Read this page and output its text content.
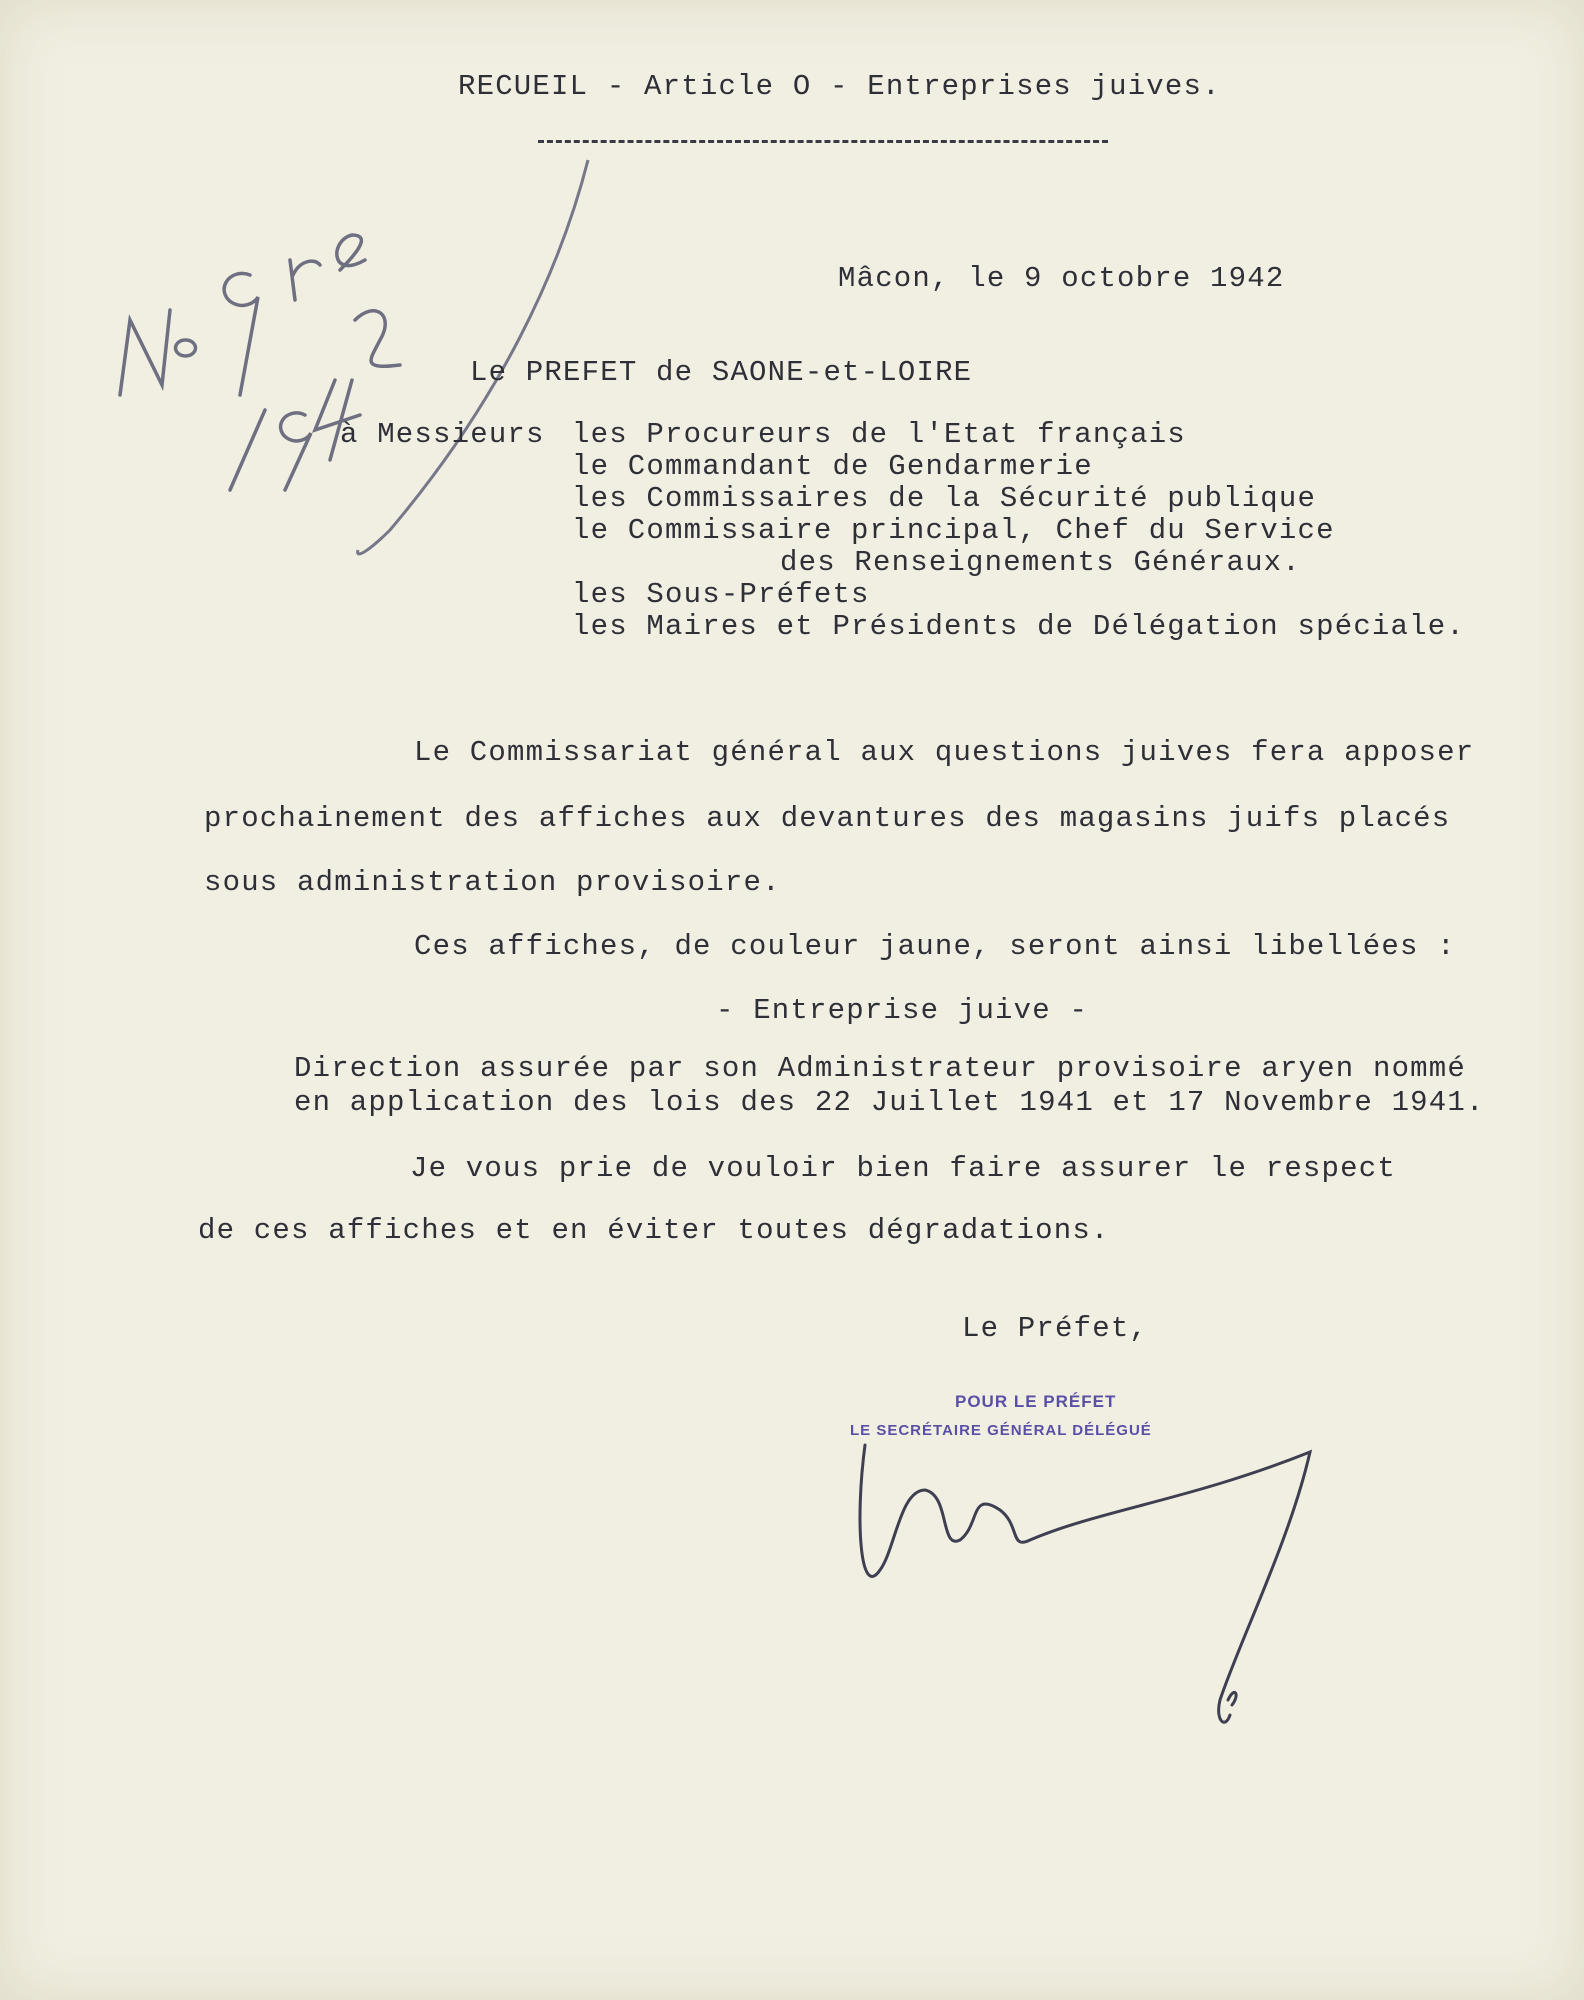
RECUEIL - Article O - Entreprises juives.
Mâcon, le 9 octobre 1942
Le PREFET de SAONE-et-LOIRE
à Messieurs les Procureurs de l'Etat français
le Commandant de Gendarmerie
les Commissaires de la Sécurité publique
le Commissaire principal, Chef du Service
des Renseignements Généraux.
les Sous-Préfets
les Maires et Présidents de Délégation spéciale.
Le Commissariat général aux questions juives fera apposer
prochainement des affiches aux devantures des magasins juifs placés
sous administration provisoire.
Ces affiches, de couleur jaune, seront ainsi libellées :
- Entreprise juive -
Direction assurée par son Administrateur provisoire aryen nommé
en application des lois des 22 Juillet 1941 et 17 Novembre 1941.
Je vous prie de vouloir bien faire assurer le respect
de ces affiches et en éviter toutes dégradations.
Le Préfet,
POUR LE PRÉFET
LE SECRÉTAIRE GÉNÉRAL DÉLÉGUÉ
